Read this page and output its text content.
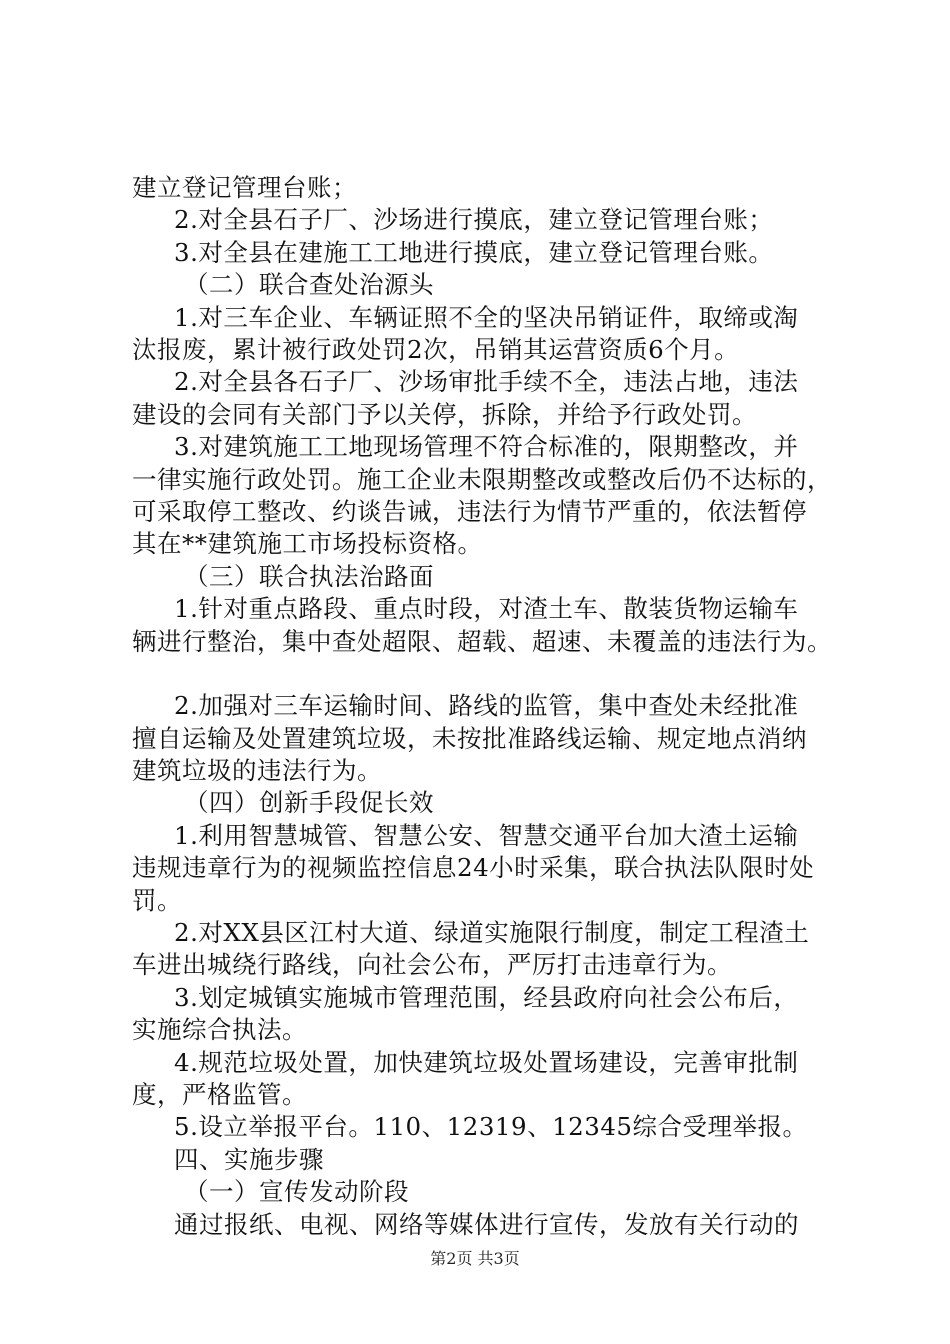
建立登记管理台账；

2.对全县石子厂、沙场进行摸底，建立登记管理台账；

3.对全县在建施工工地进行摸底，建立登记管理台账。

（二）联合查处治源头

1.对三车企业、车辆证照不全的坚决吊销证件，取缔或淘

汰报废，累计被行政处罚2次，吊销其运营资质6个月。

2.对全县各石子厂、沙场审批手续不全，违法占地，违法

建设的会同有关部门予以关停，拆除，并给予行政处罚。

3.对建筑施工工地现场管理不符合标准的，限期整改，并

一律实施行政处罚。施工企业未限期整改或整改后仍不达标的，

可采取停工整改、约谈告诫，违法行为情节严重的，依法暂停

其在**建筑施工市场投标资格。

（三）联合执法治路面

1.针对重点路段、重点时段，对渣土车、散装货物运输车

辆进行整治，集中查处超限、超载、超速、未覆盖的违法行为。

2.加强对三车运输时间、路线的监管，集中查处未经批准

擅自运输及处置建筑垃圾，未按批准路线运输、规定地点消纳

建筑垃圾的违法行为。

（四）创新手段促长效

1.利用智慧城管、智慧公安、智慧交通平台加大渣土运输

违规违章行为的视频监控信息24小时采集，联合执法队限时处

罚。

2.对XX县区江村大道、绿道实施限行制度，制定工程渣土

车进出城绕行路线，向社会公布，严厉打击违章行为。

3.划定城镇实施城市管理范围，经县政府向社会公布后，

实施综合执法。

4.规范垃圾处置，加快建筑垃圾处置场建设，完善审批制

度，严格监管。

5.设立举报平台。110、12319、12345综合受理举报。

四、实施步骤

（一）宣传发动阶段

通过报纸、电视、网络等媒体进行宣传，发放有关行动的

第2页 共3页
